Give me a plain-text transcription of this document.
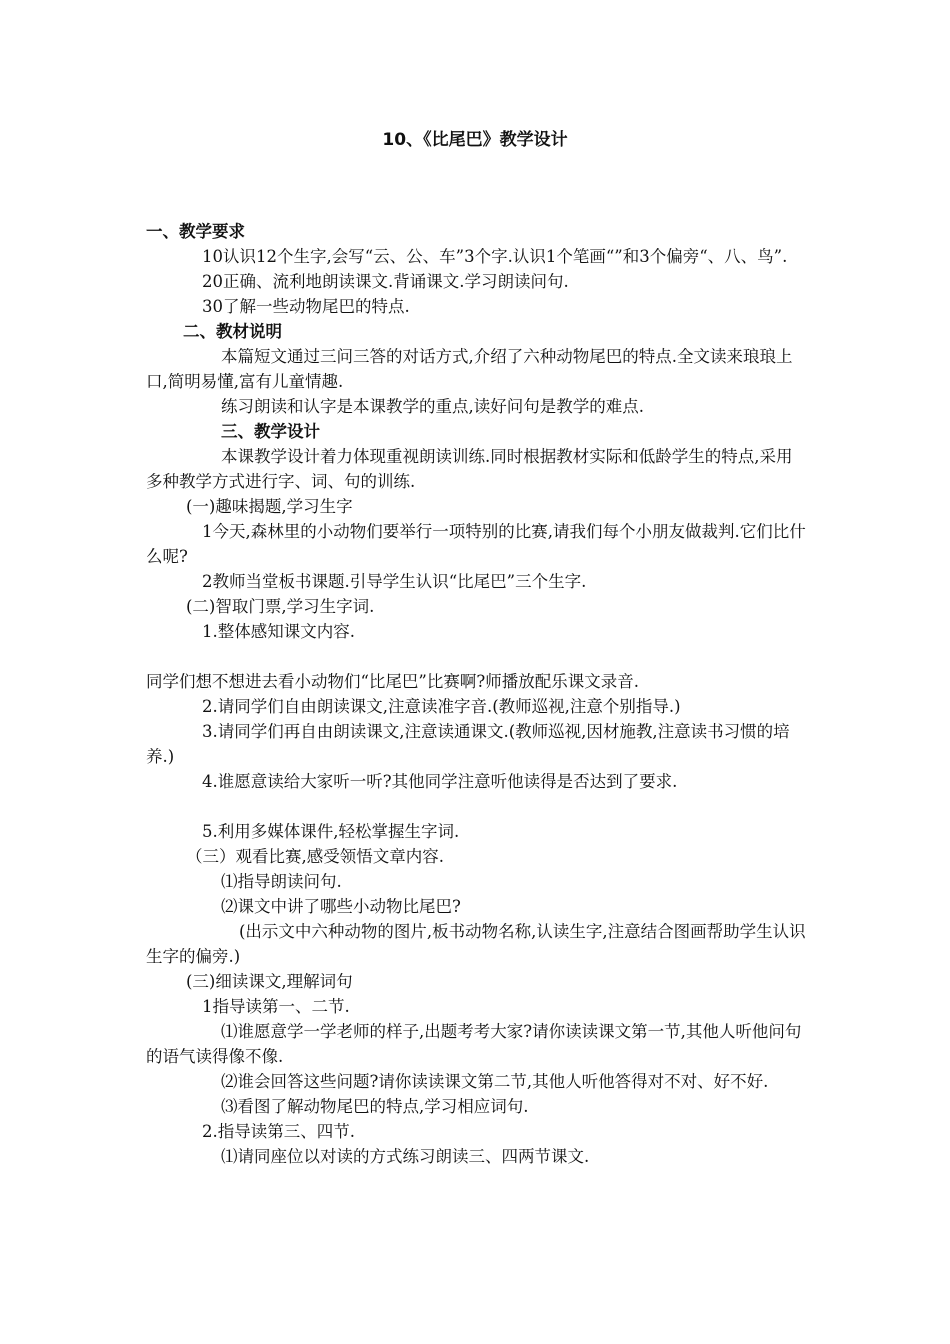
10、《比尾巴》教学设计

一、教学要求

10认识12个生字,会写“云、公、车”3个字.认识1个笔画“”和3个偏旁“、八、鸟”.

20正确、流利地朗读课文.背诵课文.学习朗读问句.

30了解一些动物尾巴的特点.

二、教材说明

本篇短文通过三问三答的对话方式,介绍了六种动物尾巴的特点.全文读来琅琅上口,简明易懂,富有儿童情趣.

练习朗读和认字是本课教学的重点,读好问句是教学的难点.

三、教学设计

本课教学设计着力体现重视朗读训练.同时根据教材实际和低龄学生的特点,采用多种教学方式进行字、词、句的训练.

(一)趣味揭题,学习生字

1今天,森林里的小动物们要举行一项特别的比赛,请我们每个小朋友做裁判.它们比什么呢?

2教师当堂板书课题.引导学生认识“比尾巴”三个生字.

(二)智取门票,学习生字词.

1.整体感知课文内容.

同学们想不想进去看小动物们“比尾巴”比赛啊?师播放配乐课文录音.

2.请同学们自由朗读课文,注意读准字音.(教师巡视,注意个别指导.)

3.请同学们再自由朗读课文,注意读通课文.(教师巡视,因材施教,注意读书习惯的培养.)

4.谁愿意读给大家听一听?其他同学注意听他读得是否达到了要求.

5.利用多媒体课件,轻松掌握生字词.

（三）观看比赛,感受领悟文章内容.

⑴指导朗读问句.

⑵课文中讲了哪些小动物比尾巴?

(出示文中六种动物的图片,板书动物名称,认读生字,注意结合图画帮助学生认识生字的偏旁.)

(三)细读课文,理解词句

1指导读第一、二节.

⑴谁愿意学一学老师的样子,出题考考大家?请你读读课文第一节,其他人听他问句的语气读得像不像.

⑵谁会回答这些问题?请你读读课文第二节,其他人听他答得对不对、好不好.

⑶看图了解动物尾巴的特点,学习相应词句.

2.指导读第三、四节.

⑴请同座位以对读的方式练习朗读三、四两节课文.
